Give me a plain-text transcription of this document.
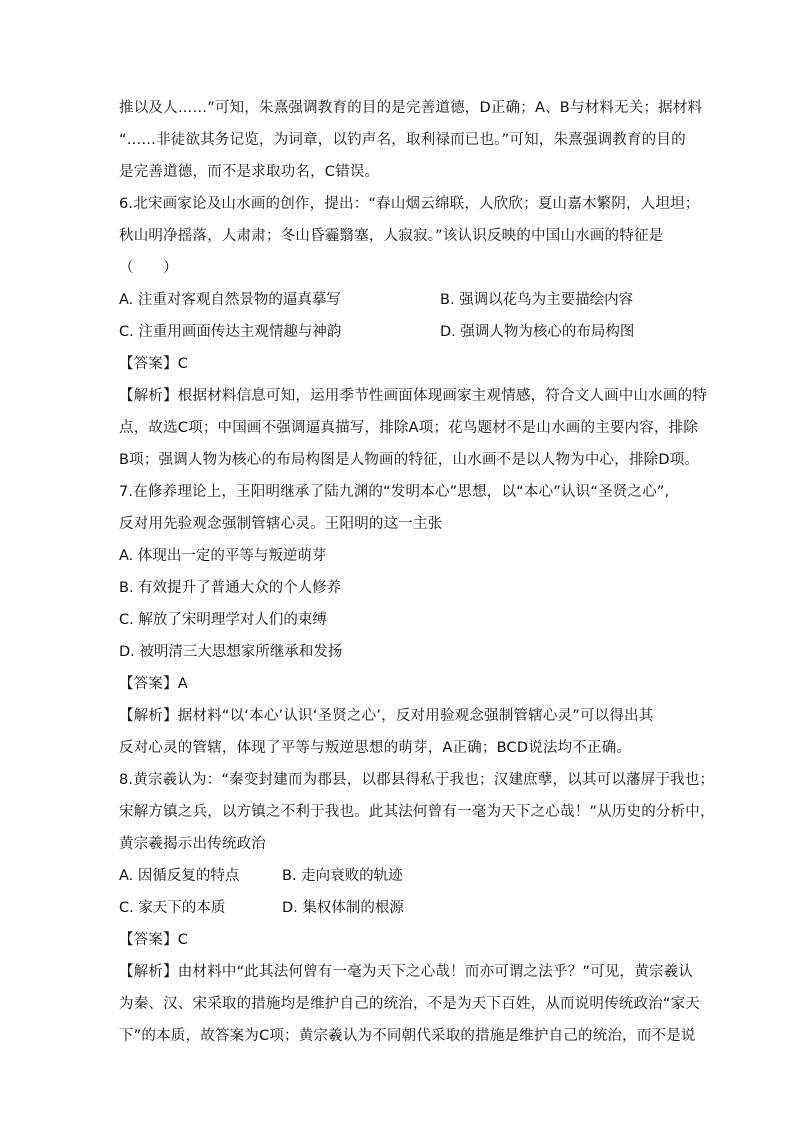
推以及人……”可知，朱熹强调教育的目的是完善道德，D正确；A、B与材料无关；据材料
“……非徒欲其务记览，为词章，以钓声名，取利禄而已也。”可知，朱熹强调教育的目的
是完善道德，而不是求取功名，C错误。
6.北宋画家论及山水画的创作，提出：“春山烟云绵联，人欣欣；夏山嘉木繁阴，人坦坦；
秋山明净摇落，人肃肃；冬山昏霾翳塞，人寂寂。”该认识反映的中国山水画的特征是
（　　）
A. 注重对客观自然景物的逼真摹写	B. 强调以花鸟为主要描绘内容
C. 注重用画面传达主观情趣与神韵	D. 强调人物为核心的布局构图
【答案】C
【解析】根据材料信息可知，运用季节性画面体现画家主观情感，符合文人画中山水画的特
点，故选C项；中国画不强调逼真描写，排除A项；花鸟题材不是山水画的主要内容，排除
B项；强调人物为核心的布局构图是人物画的特征，山水画不是以人物为中心，排除D项。
7.在修养理论上，王阳明继承了陆九渊的“发明本心”思想，以“本心”认识“圣贤之心”,
反对用先验观念强制管辖心灵。王阳明的这一主张
A. 体现出一定的平等与叛逆萌芽
B. 有效提升了普通大众的个人修养
C. 解放了宋明理学对人们的束缚
D. 被明清三大思想家所继承和发扬
【答案】A
【解析】据材料“以‘本心’认识‘圣贤之心’，反对用验观念强制管辖心灵”可以得出其
反对心灵的管辖，体现了平等与叛逆思想的萌芽，A正确；BCD说法均不正确。
8.黄宗羲认为：“秦变封建而为郡县，以郡县得私于我也；汉建庶孽，以其可以藩屏于我也；
宋解方镇之兵，以方镇之不利于我也。此其法何曾有一毫为天下之心哉！”从历史的分析中，
黄宗羲揭示出传统政治
A. 因循反复的特点	B. 走向衰败的轨迹
C. 家天下的本质	D. 集权体制的根源
【答案】C
【解析】由材料中“此其法何曾有一毫为天下之心哉！而亦可谓之法乎？”可见，黄宗羲认
为秦、汉、宋采取的措施均是维护自己的统治，不是为天下百姓，从而说明传统政治“家天
下”的本质，故答案为C项；黄宗羲认为不同朝代采取的措施是维护自己的统治，而不是说
